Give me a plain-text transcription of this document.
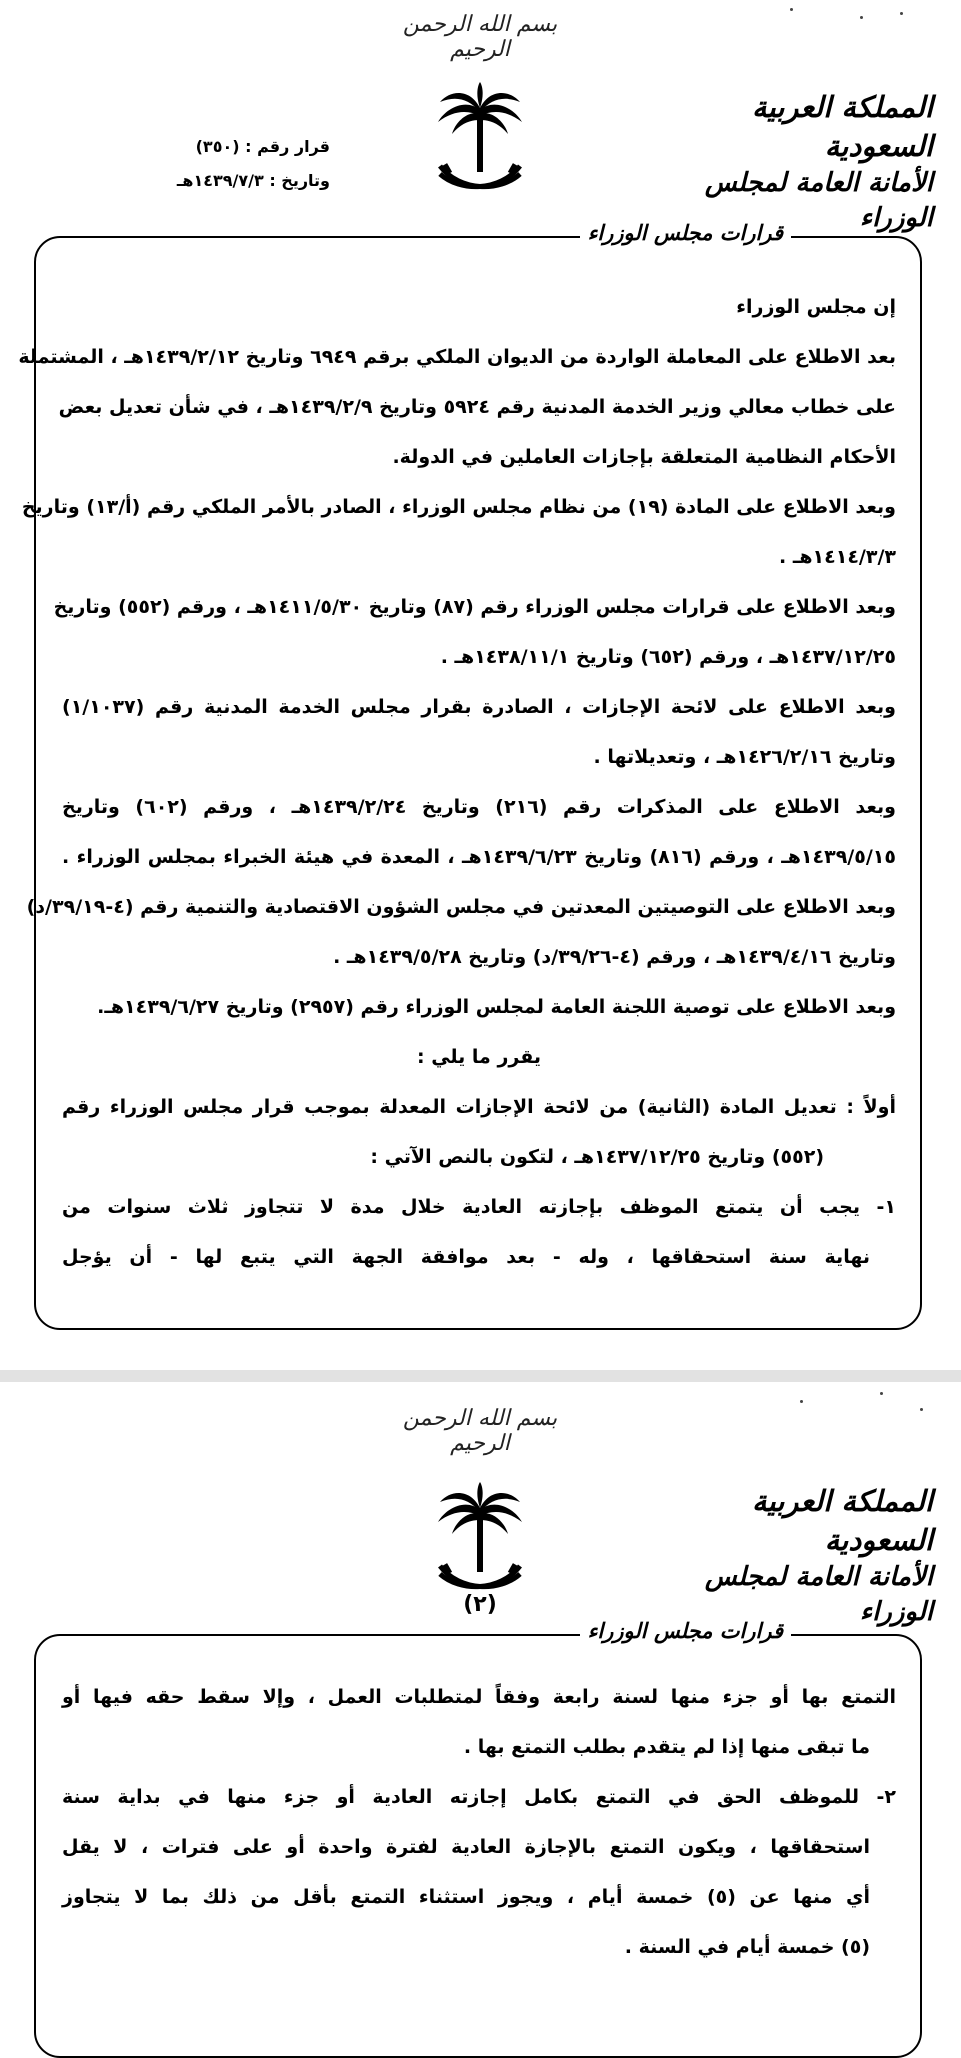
بسم الله الرحمن الرحيم
المملكة العربية السعودية
الأمانة العامة لمجلس الوزراء
قرار رقم : (٣٥٠)
وتاريخ : ١٤٣٩/٧/٣هـ
قرارات مجلس الوزراء
إن مجلس الوزراء
بعد الاطلاع على المعاملة الواردة من الديوان الملكي برقم ٦٩٤٩ وتاريخ ١٤٣٩/٢/١٢هـ ، المشتملة
على خطاب معالي وزير الخدمة المدنية رقم ٥٩٢٤ وتاريخ ١٤٣٩/٢/٩هـ ، في شأن تعديل بعض
الأحكام النظامية المتعلقة بإجازات العاملين في الدولة.
وبعد الاطلاع على المادة (١٩) من نظام مجلس الوزراء ، الصادر بالأمر الملكي رقم (أ/١٣) وتاريخ
١٤١٤/٣/٣هـ .
وبعد الاطلاع على قرارات مجلس الوزراء رقم (٨٧) وتاريخ ١٤١١/٥/٣٠هـ ، ورقم (٥٥٢) وتاريخ
١٤٣٧/١٢/٢٥هـ ، ورقم (٦٥٢) وتاريخ ١٤٣٨/١١/١هـ .
وبعد الاطلاع على لائحة الإجازات ، الصادرة بقرار مجلس الخدمة المدنية رقم (١/١٠٣٧)
وتاريخ ١٤٢٦/٢/١٦هـ ، وتعديلاتها .
وبعد الاطلاع على المذكرات رقم (٢١٦) وتاريخ ١٤٣٩/٢/٢٤هـ ، ورقم (٦٠٢) وتاريخ
١٤٣٩/٥/١٥هـ ، ورقم (٨١٦) وتاريخ ١٤٣٩/٦/٢٣هـ ، المعدة في هيئة الخبراء بمجلس الوزراء .
وبعد الاطلاع على التوصيتين المعدتين في مجلس الشؤون الاقتصادية والتنمية رقم (٤-٣٩/١٩/د)
وتاريخ ١٤٣٩/٤/١٦هـ ، ورقم (٤-٣٩/٢٦/د) وتاريخ ١٤٣٩/٥/٢٨هـ .
وبعد الاطلاع على توصية اللجنة العامة لمجلس الوزراء رقم (٢٩٥٧) وتاريخ ١٤٣٩/٦/٢٧هـ.
يقرر ما يلي :
أولاً : تعديل المادة (الثانية) من لائحة الإجازات المعدلة بموجب قرار مجلس الوزراء رقم
(٥٥٢) وتاريخ ١٤٣٧/١٢/٢٥هـ ، لتكون بالنص الآتي :
١- يجب أن يتمتع الموظف بإجازته العادية خلال مدة لا تتجاوز ثلاث سنوات من
نهاية سنة استحقاقها ، وله - بعد موافقة الجهة التي يتبع لها - أن يؤجل
بسم الله الرحمن الرحيم
المملكة العربية السعودية
الأمانة العامة لمجلس الوزراء
(٢)
قرارات مجلس الوزراء
التمتع بها أو جزء منها لسنة رابعة وفقاً لمتطلبات العمل ، وإلا سقط حقه فيها أو
ما تبقى منها إذا لم يتقدم بطلب التمتع بها .
٢- للموظف الحق في التمتع بكامل إجازته العادية أو جزء منها في بداية سنة
استحقاقها ، ويكون التمتع بالإجازة العادية لفترة واحدة أو على فترات ، لا يقل
أي منها عن (٥) خمسة أيام ، ويجوز استثناء التمتع بأقل من ذلك بما لا يتجاوز
(٥) خمسة أيام في السنة .
